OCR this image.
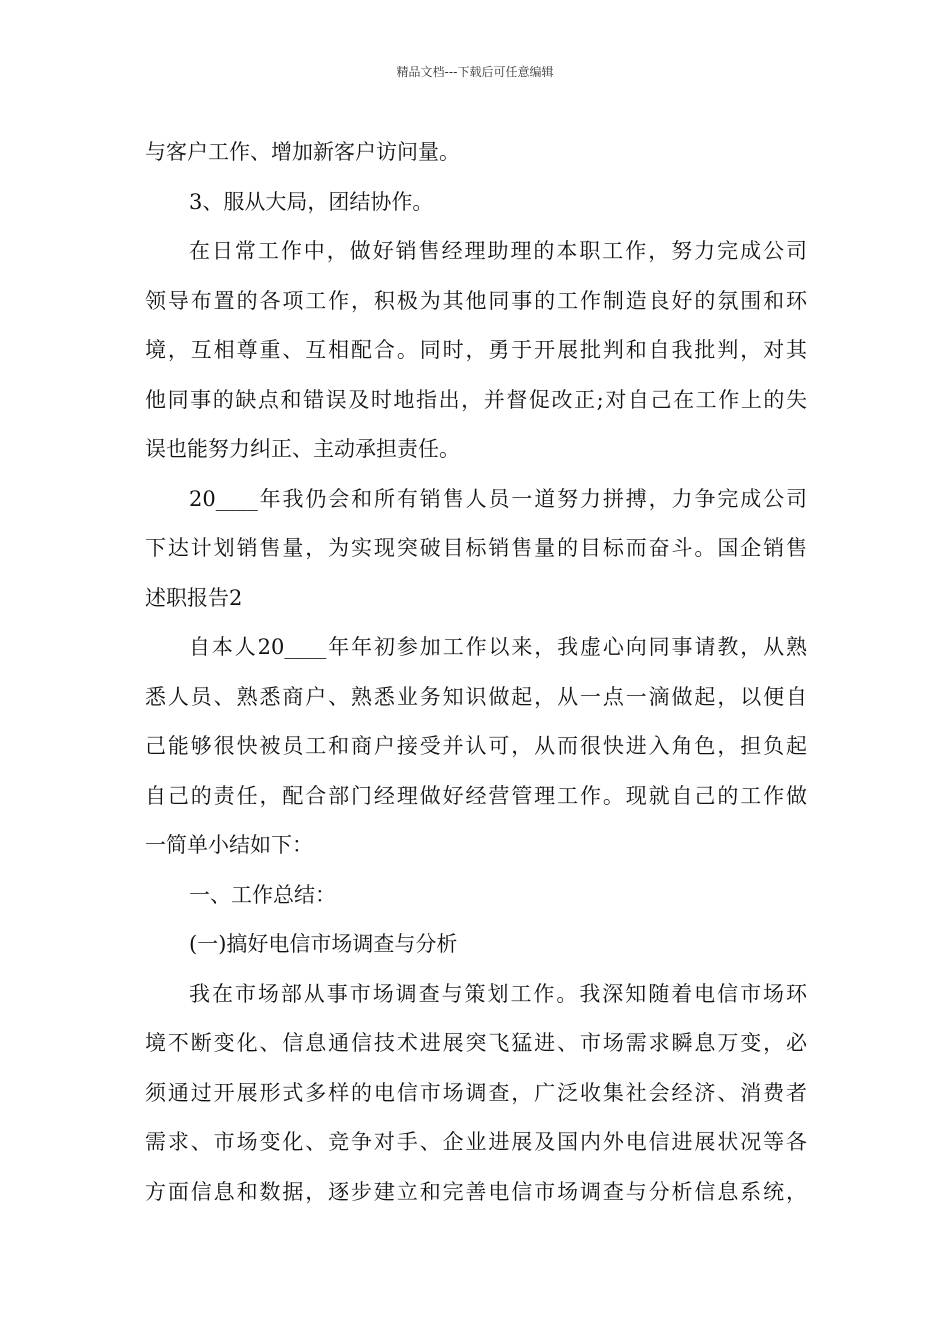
精品文档---下载后可任意编辑
与客户工作、增加新客户访问量。
3、服从大局，团结协作。
在日常工作中，做好销售经理助理的本职工作，努力完成公司
领导布置的各项工作，积极为其他同事的工作制造良好的氛围和环
境，互相尊重、互相配合。同时，勇于开展批判和自我批判，对其
他同事的缺点和错误及时地指出，并督促改正;对自己在工作上的失
误也能努力纠正、主动承担责任。
20____年我仍会和所有销售人员一道努力拼搏，力争完成公司
下达计划销售量，为实现突破目标销售量的目标而奋斗。国企销售
述职报告2
自本人20____年年初参加工作以来，我虚心向同事请教，从熟
悉人员、熟悉商户、熟悉业务知识做起，从一点一滴做起，以便自
己能够很快被员工和商户接受并认可，从而很快进入角色，担负起
自己的责任，配合部门经理做好经营管理工作。现就自己的工作做
一简单小结如下：
一、工作总结：
(一)搞好电信市场调查与分析
我在市场部从事市场调查与策划工作。我深知随着电信市场环
境不断变化、信息通信技术进展突飞猛进、市场需求瞬息万变，必
须通过开展形式多样的电信市场调查，广泛收集社会经济、消费者
需求、市场变化、竞争对手、企业进展及国内外电信进展状况等各
方面信息和数据，逐步建立和完善电信市场调查与分析信息系统，
